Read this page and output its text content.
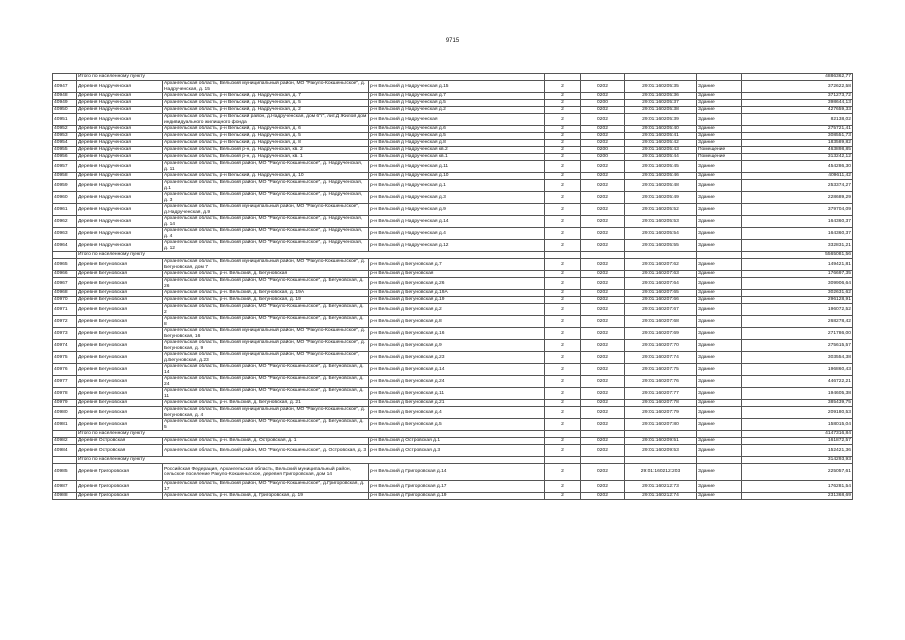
9715
	Итого по населенному пункту							4886362,77
40947	Деревня Надрученская	Архангельская область, Вельский муниципальный район, МО "Ракуло-Кокшеньгское", д. Надрученская, д. 15	р-н Вельский д Надрученская д.15	2	0202	29:01:160205:35	Здание	372622,58
40948	Деревня Надрученская	Архангельская область, р-н Вельский, д. Надрученская, д. 7	р-н Вельский д Надрученская д.7	2	0202	29:01:160205:36	Здание	371273,72
40949	Деревня Надрученская	Архангельская область, р-н Вельский, д. Надрученская, д. 5	р-н Вельский д Надрученская д.5	2	0200	29:01:160205:37	Здание	398644,13
40950	Деревня Надрученская	Архангельская область, р-н Вельский, д. Надрученская, д. 2	р-н Вельский д Надрученская д.2	2	0202	29:01:160205:38	Здание	427659,33
40951	Деревня Надрученская	Архангельская область, р-н Вельский район, д.Надрученская, дом 6"г", лит.Д Жилой дом индивидуального жилищного фонда	р-н Вельский д Надрученская	2	0202	29:01:160205:39	Здание	82138,02
40952	Деревня Надрученская	Архангельская область, р-н Вельский, д. Надрученская, д. 6	р-н Вельский д Надрученская д.6	2	0202	29:01:160205:40	Здание	275721,41
40953	Деревня Надрученская	Архангельская область, р-н Вельский, д. Надрученская, д. 5	р-н Вельский д Надрученская д.5	2	0202	29:01:160205:41	Здание	308551,73
40954	Деревня Надрученская	Архангельская область, р-н Вельский, д. Надрученская, д. 8	р-н Вельский д Надрученская д.8	2	0202	29:01:160205:42	Здание	183589,82
40955	Деревня Надрученская	Архангельская область, Вельский р-н, д. Надрученская, кв. 2	р-н Вельский д Надрученская кв.2	2	0200	29:01:160205:43	Помещение	463898,85
40956	Деревня Надрученская	Архангельская область, Вельский р-н, д. Надрученская, кв. 1	р-н Вельский д Надрученская кв.1	2	0200	29:01:160205:44	Помещение	313242,12
40957	Деревня Надрученская	Архангельская область, Вельский район, МО "Ракуло-Кокшеньгское", д. Надрученская, д. 11	р-н Вельский д Надрученская д.11	2	0202	29:01:160205:45	Здание	454286,30
40958	Деревня Надрученская	Архангельская область, р-н Вельский, д. Надрученская, д. 10	р-н Вельский д Надрученская д.10	2	0202	29:01:160205:46	Здание	409611,42
40959	Деревня Надрученская	Архангельская область, Вельский район, МО "Ракуло-Кокшеньгское", д. Надрученская, д.1	р-н Вельский д Надрученская д.1	2	0202	29:01:160205:48	Здание	253374,27
40960	Деревня Надрученская	Архангельская область, Вельский район, МО "Ракуло-Кокшеньгское", д. Надрученская, д. 3	р-н Вельский д Надрученская д.3	2	0202	29:01:160205:49	Здание	228689,29
40961	Деревня Надрученская	Архангельская область, Вельский муниципальный район, МО "Ракуло-Кокшеньгское", д.Надрученская, д.9	р-н Вельский д Надрученская д.9	2	0202	29:01:160205:52	Здание	379704,09
40962	Деревня Надрученская	Архангельская область, Вельский район, МО "Ракуло-Кокшеньгское", д. Надрученская, д. 14	р-н Вельский д Надрученская д.14	2	0202	29:01:160205:53	Здание	164360,37
40963	Деревня Надрученская	Архангельская область, Вельский район, МО "Ракуло-Кокшеньгское", д. Надрученская, д. 4	р-н Вельский д Надрученская д.4	2	0202	29:01:160205:54	Здание	164360,37
40964	Деревня Надрученская	Архангельская область, Вельский район, МО "Ракуло-Кокшеньгское", д. Надрученская, д. 12	р-н Вельский д Надрученская д.12	2	0202	29:01:160205:55	Здание	332831,21
	Итого по населенному пункту							5565081,56
40965	Деревня Бегуновская	Архангельская область, Вельский муниципальный район, МО "Ракуло-Кокшеньгское", д. Бегуновская, дом 7	р-н Вельский д Бегуновская д.7	2	0202	29:01:160207:62	Здание	149421,81
40966	Деревня Бегуновская	Архангельская область, р-н. Вельский, д. Бегуновская	р-н Вельский д Бегуновская	2	0202	29:01:160207:63	Здание	176697,35
40967	Деревня Бегуновская	Архангельская область, Вельский район, МО "Ракуло-Кокшеньгское", д. Бегуновская, д. 26	р-н Вельский д Бегуновская д.26	2	0202	29:01:160207:64	Здание	309906,64
40968	Деревня Бегуновская	Архангельская область, р-н. Вельский, д. Бегуновская, д. 19А	р-н Вельский д Бегуновская д.19А	2	0202	29:01:160207:65	Здание	302631,62
40970	Деревня Бегуновская	Архангельская область, р-н. Вельский, д. Бегуновская, д. 19	р-н Вельский д Бегуновская д.19	2	0202	29:01:160207:66	Здание	296128,91
40971	Деревня Бегуновская	Архангельская область, Вельский район, МО "Ракуло-Кокшеньгское", д. Бегуновская, д. 2	р-н Вельский д Бегуновская д.2	2	0202	29:01:160207:67	Здание	196072,52
40972	Деревня Бегуновская	Архангельская область, Вельский район, МО "Ракуло-Кокшеньгское", д. Бегуновская, д. 8	р-н Вельский д Бегуновская д.8	2	0202	29:01:160207:68	Здание	268278,42
40973	Деревня Бегуновская	Архангельская область, Вельский муниципальный район, МО "Ракуло-Кокшеньгское", д. Бегуновская, 16	р-н Вельский д Бегуновская д.16	2	0202	29:01:160207:69	Здание	271786,00
40974	Деревня Бегуновская	Архангельская область, Вельский муниципальный район, МО "Ракуло-Кокшеньгское", д. Бегуновская, д. 9	р-н Вельский д Бегуновская д.9	2	0202	29:01:160207:70	Здание	275615,57
40975	Деревня Бегуновская	Архангельская область, Вельский муниципальный район, МО "Ракуло-Кокшеньгское", д.Бегуновская, д.23	р-н Вельский д Бегуновская д.23	2	0202	29:01:160207:74	Здание	303554,38
40976	Деревня Бегуновская	Архангельская область, Вельский район, МО "Ракуло-Кокшеньгское", д. Бегуновская, д. 14	р-н Вельский д Бегуновская д.14	2	0202	29:01:160207:75	Здание	196860,43
40977	Деревня Бегуновская	Архангельская область, Вельский район, МО "Ракуло-Кокшеньгское", д. Бегуновская, д. 24	р-н Вельский д Бегуновская д.24	2	0202	29:01:160207:76	Здание	446722,21
40978	Деревня Бегуновская	Архангельская область, Вельский район, МО "Ракуло-Кокшеньгское", д. Бегуновская, д. 11	р-н Вельский д Бегуновская д.11	2	0202	29:01:160207:77	Здание	194605,38
40979	Деревня Бегуновская	Архангельская область, р-н. Вельский, д. Бегуновская, д. 21	р-н Вельский д Бегуновская д.21	2	0202	29:01:160207:78	Здание	385439,75
40980	Деревня Бегуновская	Архангельская область, Вельский муниципальный район, МО "Ракуло-Кокшеньгское", д. Бегуновская, д. 4	р-н Вельский д Бегуновская д.4	2	0202	29:01:160207:79	Здание	209180,53
40981	Деревня Бегуновская	Архангельская область, Вельский район, МО "Ракуло-Кокшеньгское", д. Бегуновская, д. 5	р-н Вельский д Бегуновская д.5	2	0202	29:01:160207:80	Здание	158015,04
	Итого по населенному пункту							4147316,84
40982	Деревня Островская	Архангельская область, р-н. Вельский, д. Островская, д. 1	р-н Вельский д Островская д.1	2	0202	29:01:160209:51	Здание	161872,57
40984	Деревня Островская	Архангельская область, Вельский район, МО "Ракуло-Кокшеньгское", д. Островская, д. 3	р-н Вельский д Островская д.3	2	0202	29:01:160209:53	Здание	152421,36
	Итого по населенному пункту							314293,93
40985	Деревня Григоровская	Российская Федерация, Архангельская область, Вельский муниципальный район, сельское поселение Ракуло-Кокшеньгское, деревня Григоровская, дом 14	р-н Вельский д Григоровская д.14	2	0202	29:01:160212:203	Здание	225057,61
40987	Деревня Григоровская	Архангельская область, Вельский район, МО "Ракуло-Кокшеньгское", д.Григоровская, д. 17	р-н Вельский д Григоровская д.17	2	0202	29:01:160212:73	Здание	176281,54
40988	Деревня Григоровская	Архангельская область, р-н. Вельский, д. Григоровская, д. 19	р-н Вельский д Григоровская д.19	2	0202	29:01:160212:74	Здание	231368,69
